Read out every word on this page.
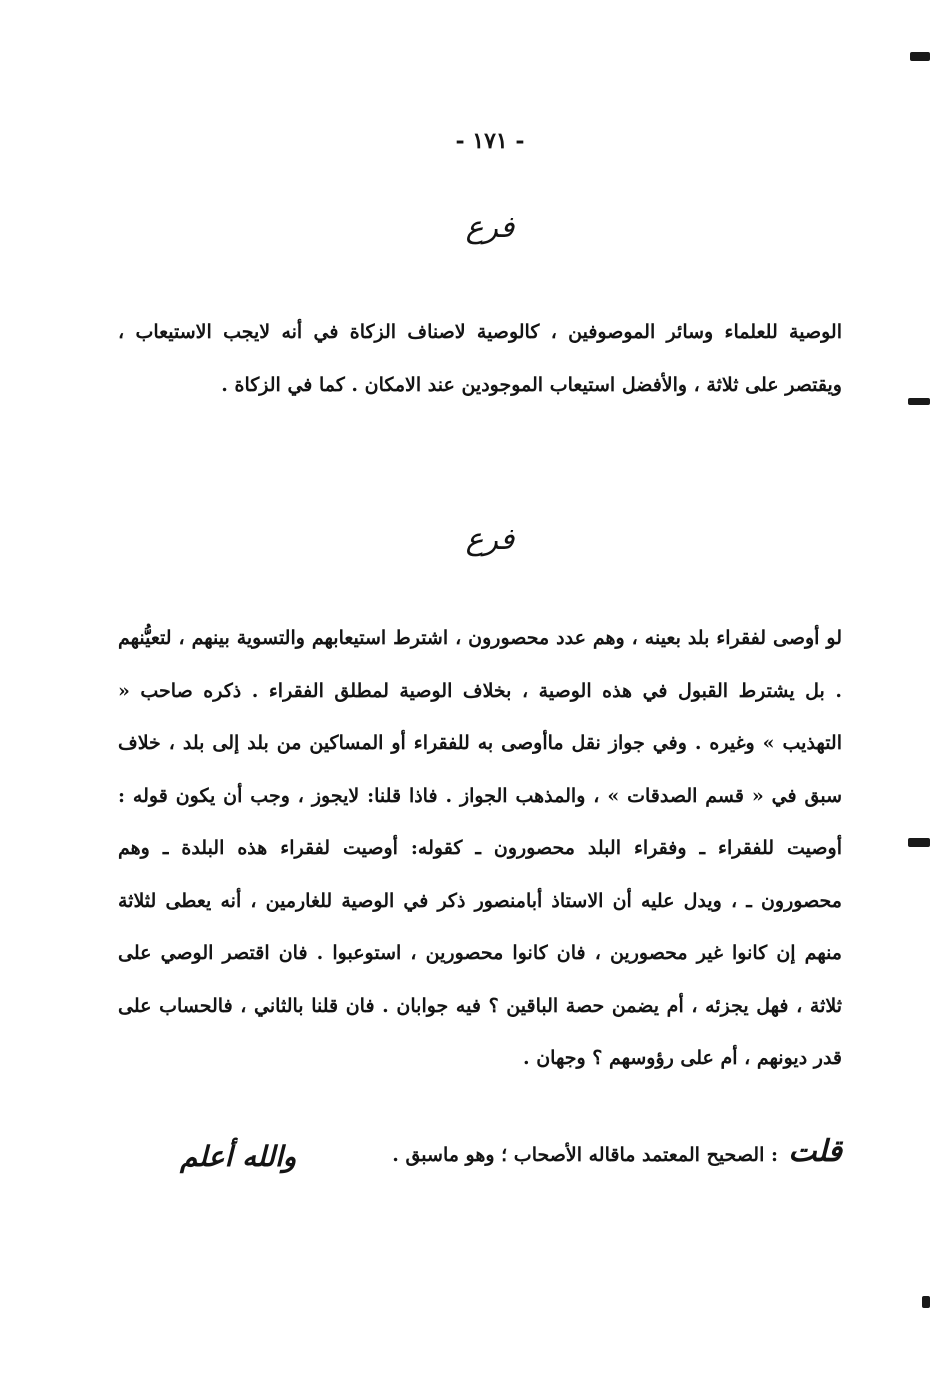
- ١٧١ -
فرع
الوصية للعلماء وسائر الموصوفين ، كالوصية لاصناف الزكاة في أنه لايجب الاستيعاب ، ويقتصر على ثلاثة ، والأفضل استيعاب الموجودين عند الامكان . كما في الزكاة .
فرع
لو أوصى لفقراء بلد بعينه ، وهم عدد محصورون ، اشترط استيعابهم والتسوية بينهم ، لتعيُّنهم . بل يشترط القبول في هذه الوصية ، بخلاف الوصية لمطلق الفقراء . ذكره صاحب « التهذيب » وغيره . وفي جواز نقل ماأوصى به للفقراء أو المساكين من بلد إلى بلد ، خلاف سبق في « قسم الصدقات » ، والمذهب الجواز . فاذا قلنا: لايجوز ، وجب أن يكون قوله : أوصيت للفقراء ـ وفقراء البلد محصورون ـ كقوله: أوصيت لفقراء هذه البلدة ـ وهم محصورون ـ ، ويدل عليه أن الاستاذ أبامنصور ذكر في الوصية للغارمين ، أنه يعطى لثلاثة منهم إن كانوا غير محصورين ، فان كانوا محصورين ، استوعبوا . فان اقتصر الوصي على ثلاثة ، فهل يجزئه ، أم يضمن حصة الباقين ؟ فيه جوابان . فان قلنا بالثاني ، فالحساب على قدر ديونهم ، أم على رؤوسهم ؟ وجهان .
قلت
: الصحيح المعتمد ماقاله الأصحاب ؛ وهو ماسبق .
والله أعلم
